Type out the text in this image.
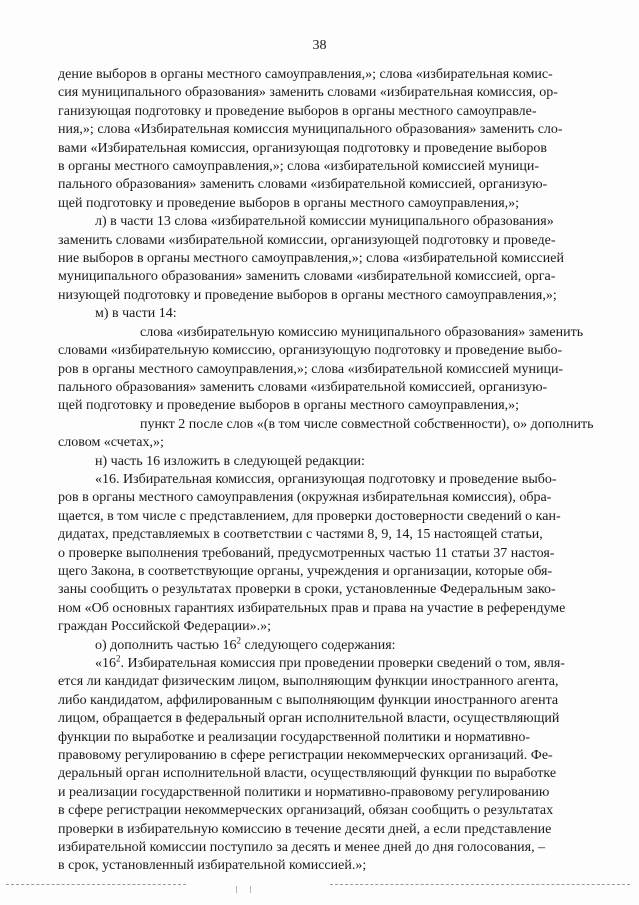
38

дение выборов в органы местного самоуправления,»; слова «избирательная комис-
сия муниципального образования» заменить словами «избирательная комиссия, ор-
ганизующая подготовку и проведение выборов в органы местного самоуправле-
ния,»; слова «Избирательная комиссия муниципального образования» заменить сло-
вами «Избирательная комиссия, организующая подготовку и проведение выборов
в органы местного самоуправления,»; слова «избирательной комиссией муници-
пального образования» заменить словами «избирательной комиссией, организую-
щей подготовку и проведение выборов в органы местного самоуправления,»;

л) в части 13 слова «избирательной комиссии муниципального образования»
заменить словами «избирательной комиссии, организующей подготовку и проведе-
ние выборов в органы местного самоуправления,»; слова «избирательной комиссией
муниципального образования» заменить словами «избирательной комиссией, орга-
низующей подготовку и проведение выборов в органы местного самоуправления,»;

м) в части 14:

слова «избирательную комиссию муниципального образования» заменить
словами «избирательную комиссию, организующую подготовку и проведение выбо-
ров в органы местного самоуправления,»; слова «избирательной комиссией муници-
пального образования» заменить словами «избирательной комиссией, организую-
щей подготовку и проведение выборов в органы местного самоуправления,»;

пункт 2 после слов «(в том числе совместной собственности), о» дополнить
словом «счетах,»;

н) часть 16 изложить в следующей редакции:

«16. Избирательная комиссия, организующая подготовку и проведение выбо-
ров в органы местного самоуправления (окружная избирательная комиссия), обра-
щается, в том числе с представлением, для проверки достоверности сведений о кан-
дидатах, представляемых в соответствии с частями 8, 9, 14, 15 настоящей статьи,
о проверке выполнения требований, предусмотренных частью 11 статьи 37 настоя-
щего Закона, в соответствующие органы, учреждения и организации, которые обя-
заны сообщить о результатах проверки в сроки, установленные Федеральным зако-
ном «Об основных гарантиях избирательных прав и права на участие в референдуме
граждан Российской Федерации».»;

о) дополнить частью $16^2$ следующего содержания:

«$16^2$. Избирательная комиссия при проведении проверки сведений о том, явля-
ется ли кандидат физическим лицом, выполняющим функции иностранного агента,
либо кандидатом, аффилированным с выполняющим функции иностранного агента
лицом, обращается в федеральный орган исполнительной власти, осуществляющий
функции по выработке и реализации государственной политики и нормативно-
правовому регулированию в сфере регистрации некоммерческих организаций. Фе-
деральный орган исполнительной власти, осуществляющий функции по выработке
и реализации государственной политики и нормативно-правовому регулированию
в сфере регистрации некоммерческих организаций, обязан сообщить о результатах
проверки в избирательную комиссию в течение десяти дней, а если представление
избирательной комиссии поступило за десять и менее дней до дня голосования, –
в срок, установленный избирательной комиссией.»;
